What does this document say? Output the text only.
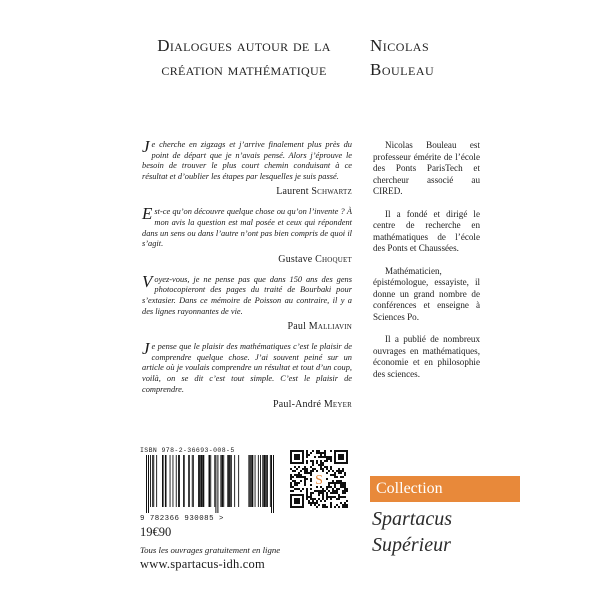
Dialogues autour de la
création mathématique
Nicolas
Bouleau

Je cherche en zigzags et j’arrive finalement plus près du point de départ que je n’avais pensé. Alors j’éprouve le besoin de trouver le plus court chemin conduisant à ce résultat et d’oublier les étapes par lesquelles je suis passé.

Laurent Schwartz

Est-ce qu’on découvre quelque chose ou qu’on l’invente ? À mon avis la question est mal posée et ceux qui répondent dans un sens ou dans l’autre n’ont pas bien compris de quoi il s’agit.

Gustave Choquet

Voyez-vous, je ne pense pas que dans 150 ans des gens photocopieront des pages du traité de Bourbaki pour s’extasier. Dans ce mémoire de Poisson au contraire, il y a des lignes rayonnantes de vie.

Paul Malliavin

Je pense que le plaisir des mathématiques c’est le plaisir de comprendre quelque chose. J’ai souvent peiné sur un article où je voulais comprendre un résultat et tout d’un coup, voilà, on se dit c’est tout simple. C’est le plaisir de comprendre.

Paul-André Meyer

Nicolas Bouleau est professeur émérite de l’école des Ponts ParisTech et chercheur associé au CIRED.

Il a fondé et dirigé le centre de recherche en mathématiques de l’école des Ponts et Chaussées.

Mathématicien, épistémologue, essayiste, il donne un grand nombre de conférences et enseigne à Sciences Po.

Il a publié de nombreux ouvrages en mathématiques, économie et en philosophie des sciences.

ISBN 978-2-36693-008-5
9 782366 930085 >
S	Collection
Spartacus
Supérieur
19€90
Tous les ouvrages gratuitement en ligne
www.spartacus-idh.com
